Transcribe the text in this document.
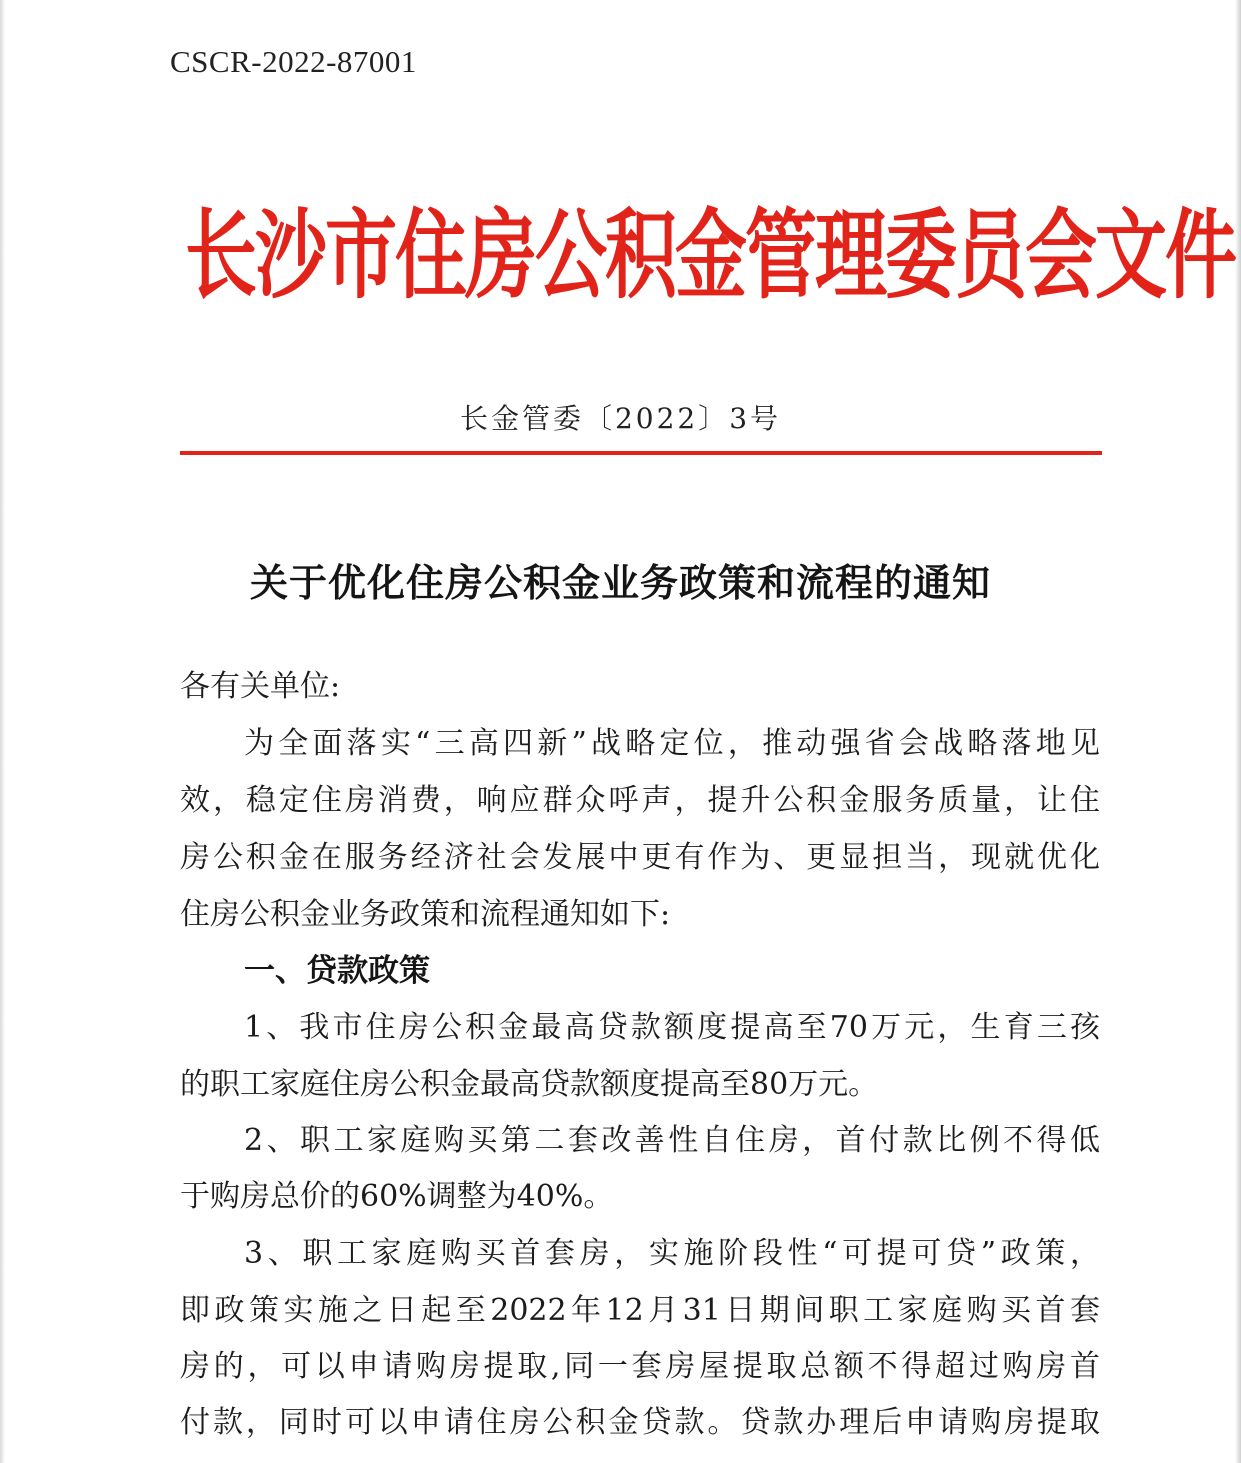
CSCR-2022-87001
长沙市住房公积金管理委员会文件
长金管委〔2022〕3号
关于优化住房公积金业务政策和流程的通知
各有关单位:
为全面落实“三高四新”战略定位，推动强省会战略落地见
效，稳定住房消费，响应群众呼声，提升公积金服务质量，让住
房公积金在服务经济社会发展中更有作为、更显担当，现就优化
住房公积金业务政策和流程通知如下:
一、贷款政策
1、我市住房公积金最高贷款额度提高至70万元，生育三孩
的职工家庭住房公积金最高贷款额度提高至80万元。
2、职工家庭购买第二套改善性自住房，首付款比例不得低
于购房总价的60%调整为40%。
3、职工家庭购买首套房，实施阶段性“可提可贷”政策，
即政策实施之日起至2022年12月31日期间职工家庭购买首套
房的，可以申请购房提取,同一套房屋提取总额不得超过购房首
付款，同时可以申请住房公积金贷款。贷款办理后申请购房提取
